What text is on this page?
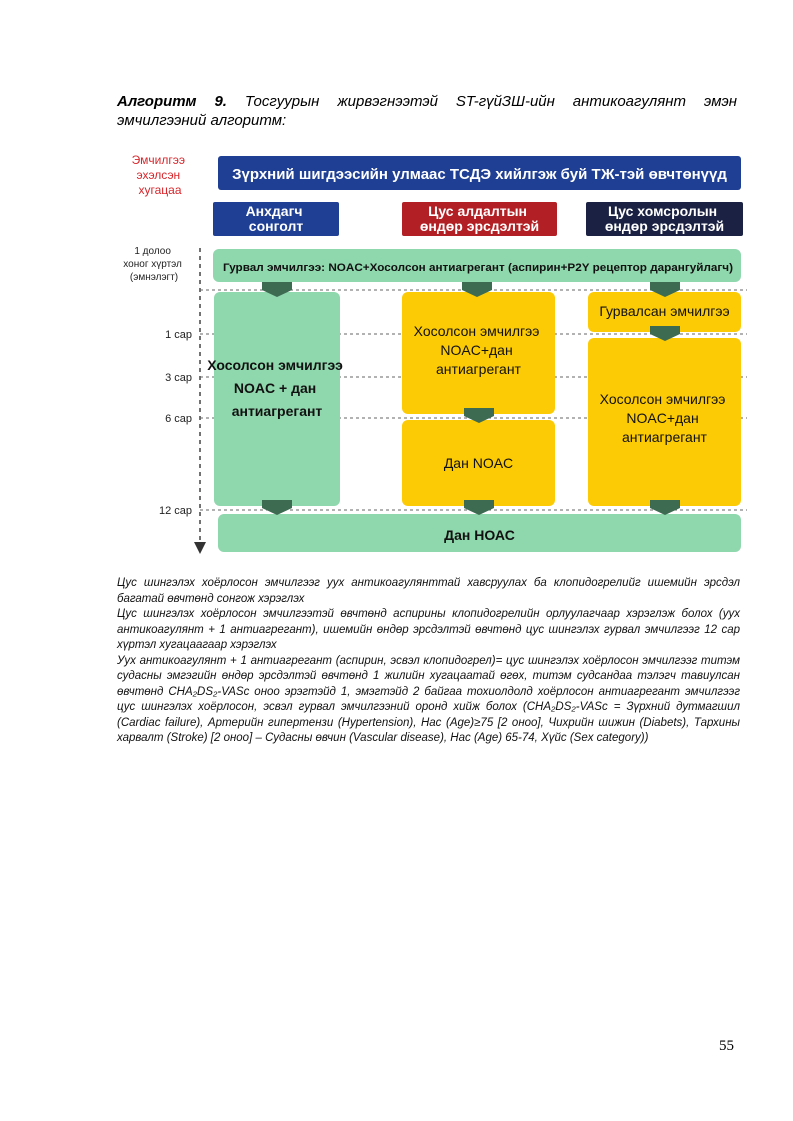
Алгоритм 9. Тосгуурын жирвэгнээтэй ST-гүйЗШ-ийн антикоагулянт эмэн эмчилгээний алгоритм:
Эмчилгээ эхэлсэн хугацаа
1 долоо хоног хүртэл (эмнэлэгт)
1 сар
3 сар
6 сар
12 сар
Зүрхний шигдээсийн улмаас ТСДЭ хийлгэж буй ТЖ-тэй өвчтөнүүд
Анхдагч сонголт
Цус алдалтын өндөр эрсдэлтэй
Цус хомсролын өндөр эрсдэлтэй
Гурвал эмчилгээ: NOAC+Хосолсон антиагрегант (аспирин+P2Y рецептор дарангуйлагч)
Хосолсон эмчилгээ NOAC + дан антиагрегант
Хосолсон эмчилгээ NOAC+дан антиагрегант
Дан NOAC
Гурвалсан эмчилгээ
Хосолсон эмчилгээ NOAC+дан антиагрегант
Дан НОАС

Цус шингэлэх хоёрлосон эмчилгээг уух антикоагулянттай хавсруулах ба клопидогрелийг ишемийн эрсдэл багатай өвчтөнд сонгож хэрэглэх

Цус шингэлэх хоёрлосон эмчилгээтэй өвчтөнд аспирины клопидогрелийн орлуулагчаар хэрэглэж болох (уух антикоагулянт + 1 антиагрегант), ишемийн өндөр эрсдэлтэй өвчтөнд цус шингэлэх гурвал эмчилгээг 12 сар хүртэл хугацаагаар хэрэглэх

Уух антикоагулянт + 1 антиагрегант (аспирин, эсвэл клопидогрел)= цус шингэлэх хоёрлосон эмчилгээг титэм судасны эмгэгийн өндөр эрсдэлтэй өвчтөнд 1 жилийн хугацаатай өгөх, титэм судсандаа тэлэгч тавиулсан өвчтөнд CHA₂DS₂-VASc оноо эрэгтэйд 1, эмэгтэйд 2 байгаа тохиолдолд хоёрлосон антиагрегант эмчилгээг цус шингэлэх хоёрлосон, эсвэл гурвал эмчилгээний оронд хийж болох (CHA₂DS₂-VASc = Зүрхний дутмагшил (Cardiac failure), Артерийн гипертензи (Hypertension), Нас (Age)≥75 [2 оноо], Чихрийн шижин (Diabets), Тархины харвалт (Stroke) [2 оноо] – Судасны өвчин (Vascular disease), Нас (Age) 65-74, Хүйс (Sex category))

55
